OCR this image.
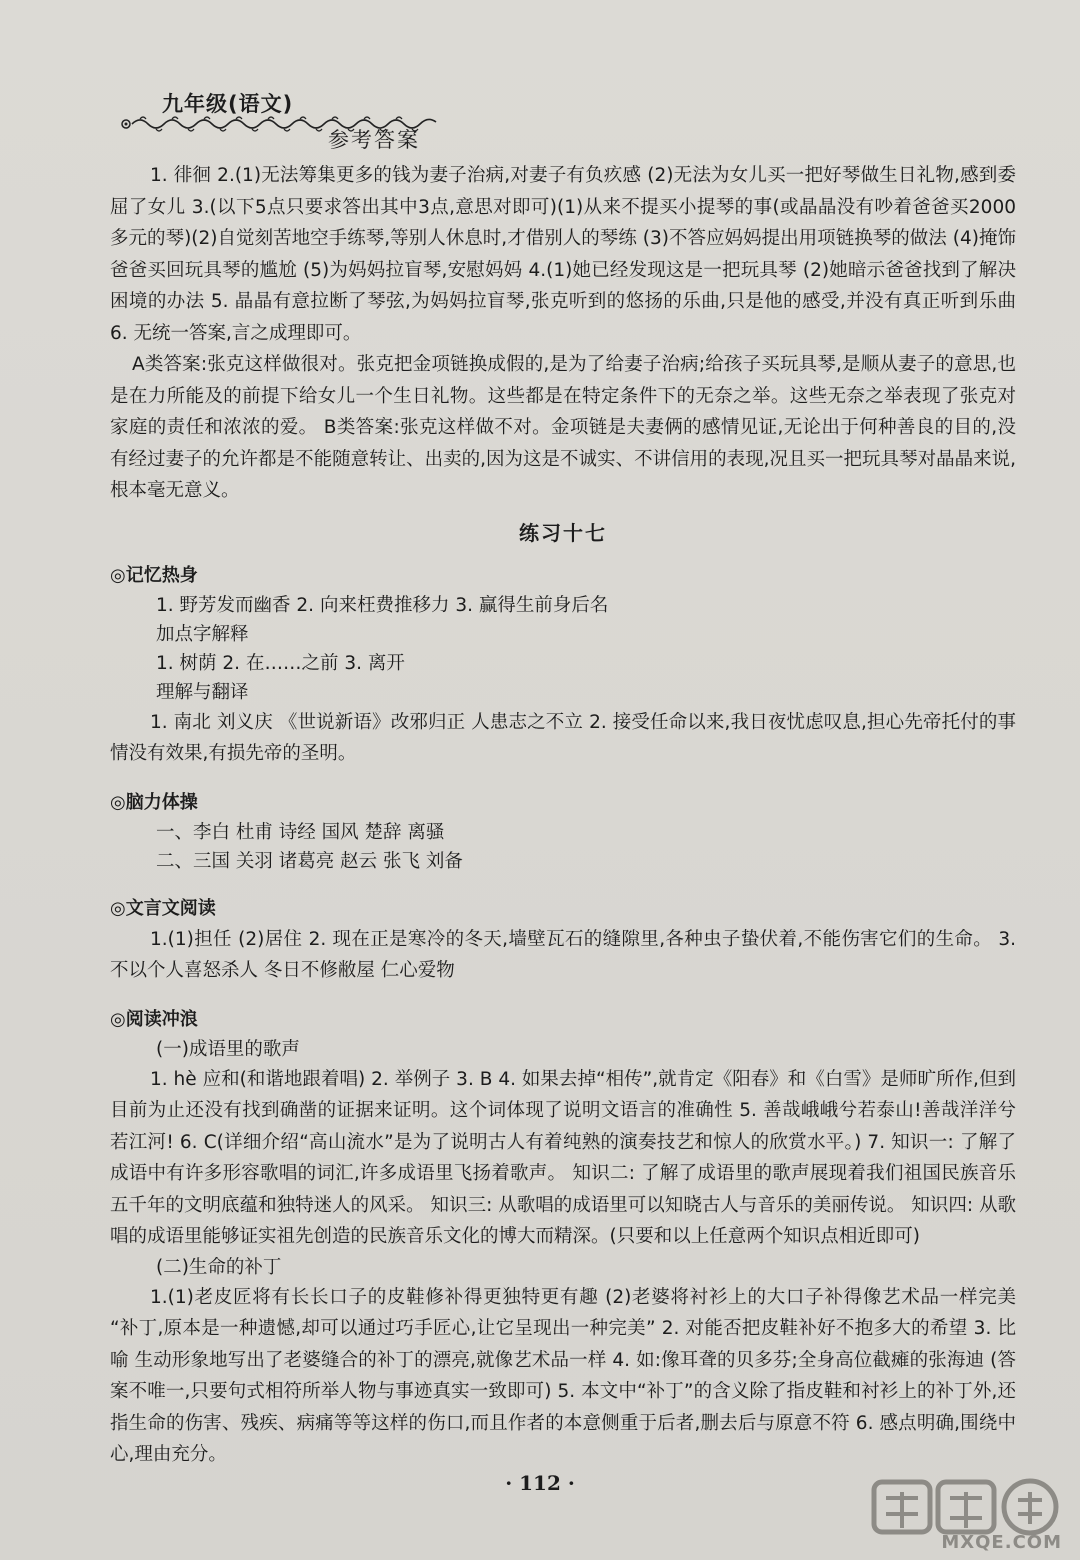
九年级(语文)
参考答案

1. 徘徊 2.(1)无法筹集更多的钱为妻子治病,对妻子有负疚感 (2)无法为女儿买一把好琴做生日礼物,感到委屈了女儿 3.(以下5点只要求答出其中3点,意思对即可)(1)从来不提买小提琴的事(或晶晶没有吵着爸爸买2000多元的琴)(2)自觉刻苦地空手练琴,等别人休息时,才借别人的琴练 (3)不答应妈妈提出用项链换琴的做法 (4)掩饰爸爸买回玩具琴的尴尬 (5)为妈妈拉盲琴,安慰妈妈 4.(1)她已经发现这是一把玩具琴 (2)她暗示爸爸找到了解决困境的办法 5. 晶晶有意拉断了琴弦,为妈妈拉盲琴,张克听到的悠扬的乐曲,只是他的感受,并没有真正听到乐曲 6. 无统一答案,言之成理即可。

A类答案:张克这样做很对。张克把金项链换成假的,是为了给妻子治病;给孩子买玩具琴,是顺从妻子的意思,也是在力所能及的前提下给女儿一个生日礼物。这些都是在特定条件下的无奈之举。这些无奈之举表现了张克对家庭的责任和浓浓的爱。 B类答案:张克这样做不对。金项链是夫妻俩的感情见证,无论出于何种善良的目的,没有经过妻子的允许都是不能随意转让、出卖的,因为这是不诚实、不讲信用的表现,况且买一把玩具琴对晶晶来说,根本毫无意义。

练习十七
◎记忆热身

1. 野芳发而幽香 2. 向来枉费推移力 3. 赢得生前身后名

加点字解释

1. 树荫 2. 在……之前 3. 离开

理解与翻译

1. 南北 刘义庆 《世说新语》改邪归正 人患志之不立 2. 接受任命以来,我日夜忧虑叹息,担心先帝托付的事情没有效果,有损先帝的圣明。

◎脑力体操

一、李白 杜甫 诗经 国风 楚辞 离骚

二、三国 关羽 诸葛亮 赵云 张飞 刘备

◎文言文阅读

1.(1)担任 (2)居住 2. 现在正是寒冷的冬天,墙壁瓦石的缝隙里,各种虫子蛰伏着,不能伤害它们的生命。 3. 不以个人喜怒杀人 冬日不修敝屋 仁心爱物

◎阅读冲浪

(一)成语里的歌声

1. hè 应和(和谐地跟着唱) 2. 举例子 3. B 4. 如果去掉“相传”,就肯定《阳春》和《白雪》是师旷所作,但到目前为止还没有找到确凿的证据来证明。这个词体现了说明文语言的准确性 5. 善哉峨峨兮若泰山!善哉洋洋兮若江河! 6. C(详细介绍“高山流水”是为了说明古人有着纯熟的演奏技艺和惊人的欣赏水平。) 7. 知识一: 了解了成语中有许多形容歌唱的词汇,许多成语里飞扬着歌声。 知识二: 了解了成语里的歌声展现着我们祖国民族音乐五千年的文明底蕴和独特迷人的风采。 知识三: 从歌唱的成语里可以知晓古人与音乐的美丽传说。 知识四: 从歌唱的成语里能够证实祖先创造的民族音乐文化的博大而精深。(只要和以上任意两个知识点相近即可)

(二)生命的补丁

1.(1)老皮匠将有长长口子的皮鞋修补得更独特更有趣 (2)老婆将衬衫上的大口子补得像艺术品一样完美 “补丁,原本是一种遗憾,却可以通过巧手匠心,让它呈现出一种完美” 2. 对能否把皮鞋补好不抱多大的希望 3. 比喻 生动形象地写出了老婆缝合的补丁的漂亮,就像艺术品一样 4. 如:像耳聋的贝多芬;全身高位截瘫的张海迪 (答案不唯一,只要句式相符所举人物与事迹真实一致即可) 5. 本文中“补丁”的含义除了指皮鞋和衬衫上的补丁外,还指生命的伤害、残疾、病痛等等这样的伤口,而且作者的本意侧重于后者,删去后与原意不符 6. 感点明确,围绕中心,理由充分。

· 112 ·
MXQE.COM
